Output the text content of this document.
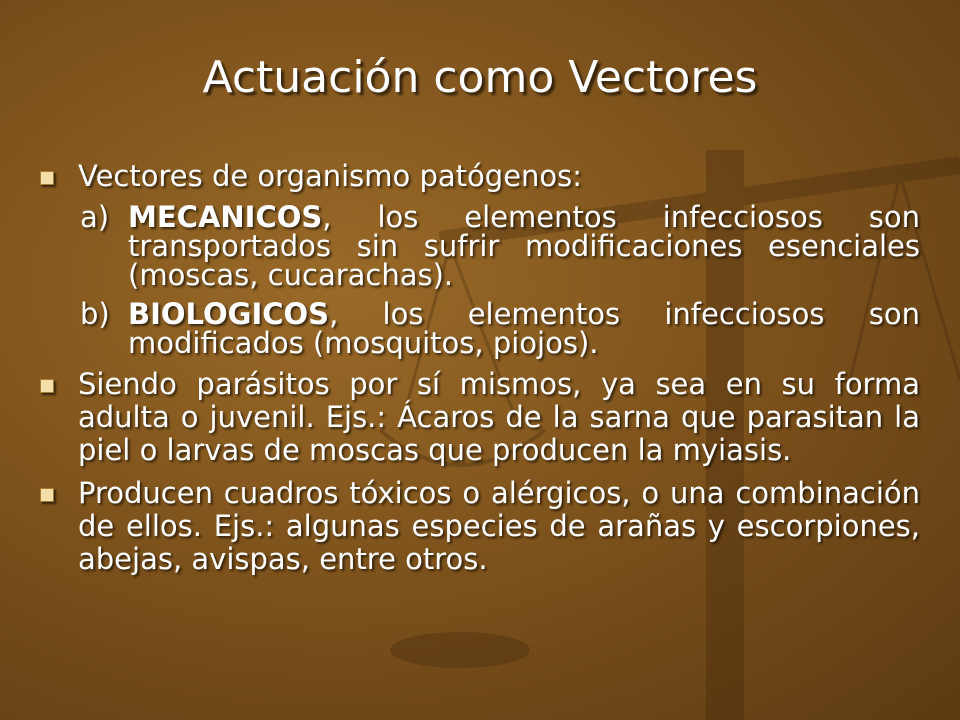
Actuación como Vectores
Vectores de organismo patógenos:
a) MECANICOS, los elementos infecciosos son transportados sin sufrir modificaciones esenciales (moscas, cucarachas).
b) BIOLOGICOS, los elementos infecciosos son modificados (mosquitos, piojos).
Siendo parásitos por sí mismos, ya sea en su forma adulta o juvenil. Ejs.: Ácaros de la sarna que parasitan la piel o larvas de moscas que producen la myiasis.
Producen cuadros tóxicos o alérgicos, o una combinación de ellos. Ejs.: algunas especies de arañas y escorpiones, abejas, avispas, entre otros.
